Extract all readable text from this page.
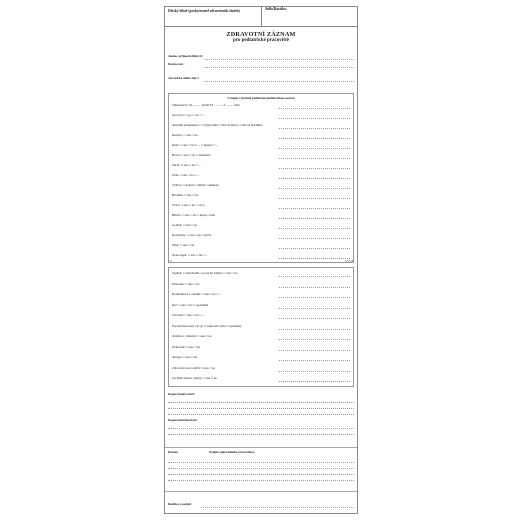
Dětský lékař (poskytovatel zdravotních služeb)	Sídlo/Razítko:
ZDRAVOTNÍ ZÁZNAM
pro pediatrické pracoviště
Jméno, příjmení dítěte/ti:
Datum nar.:
Jen než/ke dítěte žije s:
Vstupní vyšetření pediatrem/pediatrickou sestrou
Těhotenství: Tk .......... týdnů TT .......... T .......... mm
porod za: □ sp. □ vac. □ ...
Aktuální komplikace: □ Vdýk/relikt □ Obvod hlavy □ Obvod hrudníku
Reflexy: □ ano □ ne
Kůže: □ ano □ ne □ ... □ ikterus □ ...
Hlava: □ ano □ ne □ fontanela
Sluch: □ ano □ ne □ ...
Zrak: □ ano □ ne □ ...
Výživa: □ kojení □ umělá □ smíšená
Hrudník: □ ano □ ne
Srdce: □ ano □ ne □ ozvy
Břicho: □ ano □ ne □ hepar □ lien
Genitál: □ ano □ ne
Končetiny: □ ano □ ne □ kyčle
Páteř: □ ano □ ne
Neurologie: □ ano □ ne □ ...
Spánek: □ standardní □ porucha Zájmy: □ ano □ ne
Motorika: □ ano □ ne
Komunikace s okolím: □ ano □ ne □ ...
Řeč: □ ano □ ne □ opožděná
Chování: □ ano □ ne □ ...
Psychomotorický vývoj: □ odpovídá věku □ opožděný
Otužilost / imunita: □ ano □ ne
Očkování: □ ano □ ne
Alergie: □ ano □ ne
Zdravotní stav rodičů: □ ano □ ne
Sociální situace rodiny: □ ano □ ne
Doporučující závěr:
Doporučení/kontrola:
Datum:	Podpis odpovědného pracovníka:
Razítko a podpis:
1/2	GW-00
